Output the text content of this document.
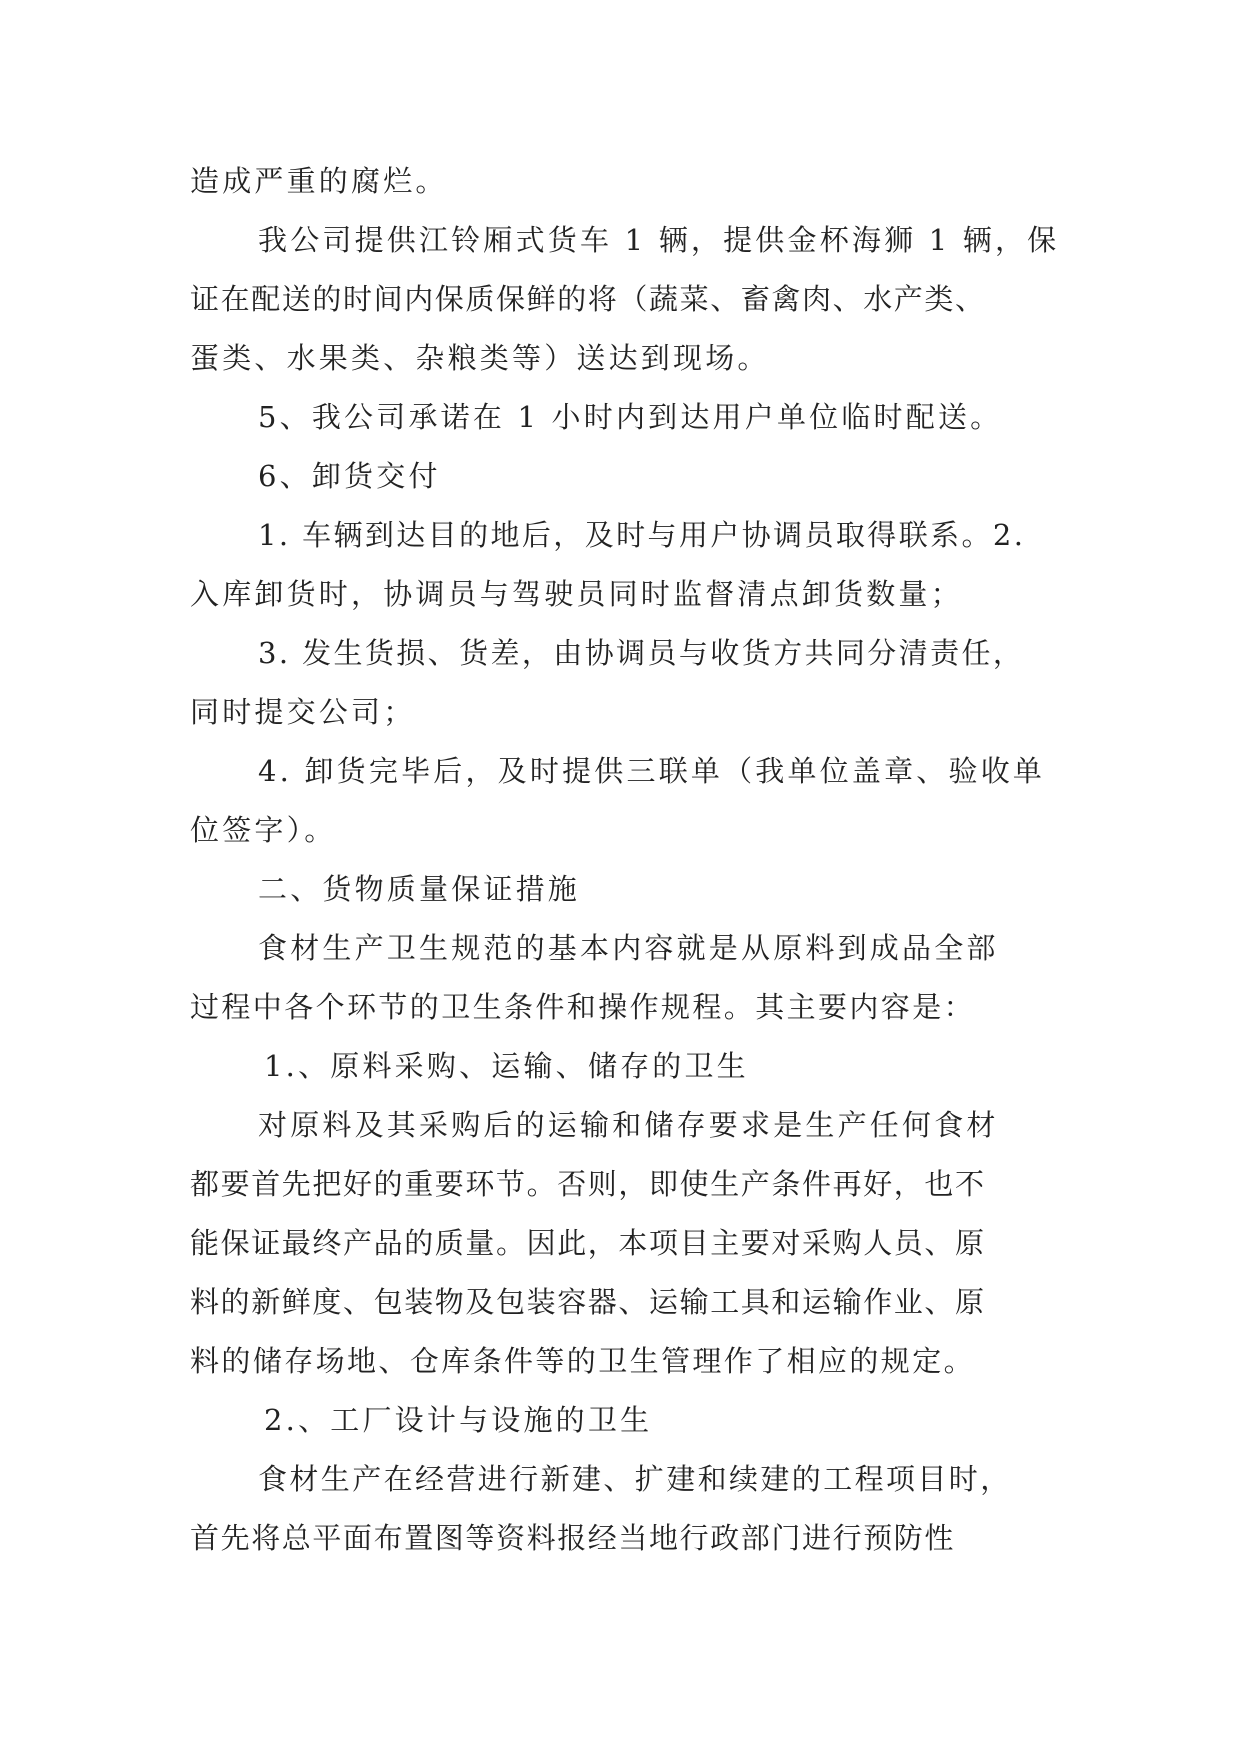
造成严重的腐烂。
我公司提供江铃厢式货车 1 辆，提供金杯海狮 1 辆，保
证在配送的时间内保质保鲜的将（蔬菜、畜禽肉、水产类、
蛋类、水果类、杂粮类等）送达到现场。
5、我公司承诺在 1 小时内到达用户单位临时配送。
6、卸货交付
1. 车辆到达目的地后，及时与用户协调员取得联系。2.
入库卸货时，协调员与驾驶员同时监督清点卸货数量；
3. 发生货损、货差，由协调员与收货方共同分清责任，
同时提交公司；
4. 卸货完毕后，及时提供三联单（我单位盖章、验收单
位签字）。
二、货物质量保证措施
食材生产卫生规范的基本内容就是从原料到成品全部
过程中各个环节的卫生条件和操作规程。其主要内容是：
1.、原料采购、运输、储存的卫生
对原料及其采购后的运输和储存要求是生产任何食材
都要首先把好的重要环节。否则，即使生产条件再好，也不
能保证最终产品的质量。因此，本项目主要对采购人员、原
料的新鲜度、包装物及包装容器、运输工具和运输作业、原
料的储存场地、仓库条件等的卫生管理作了相应的规定。
2.、工厂设计与设施的卫生
食材生产在经营进行新建、扩建和续建的工程项目时，
首先将总平面布置图等资料报经当地行政部门进行预防性
